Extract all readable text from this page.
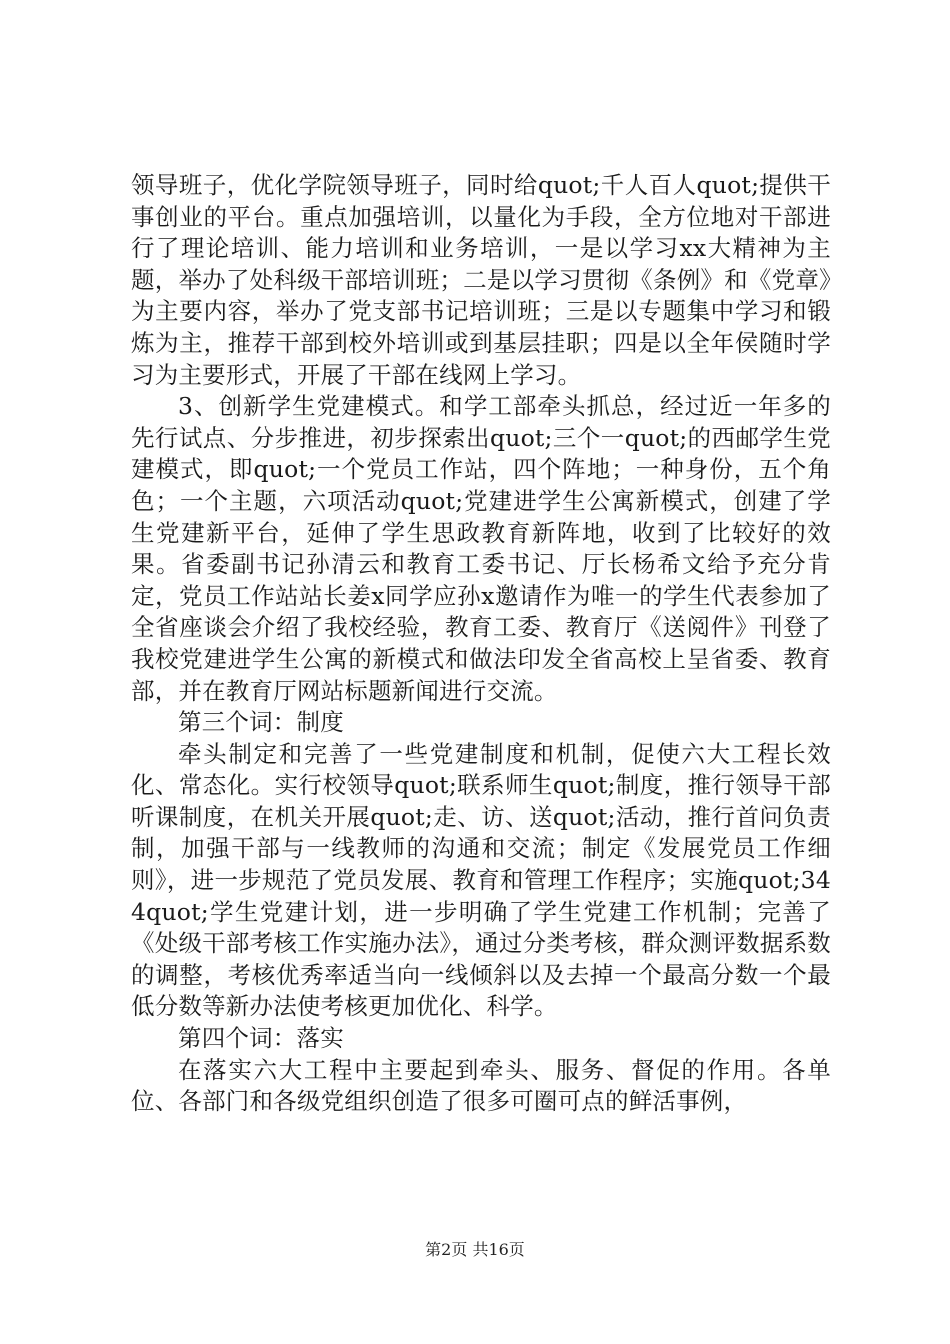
领导班子，优化学院领导班子，同时给quot;千人百人quot;提供干事创业的平台。重点加强培训，以量化为手段，全方位地对干部进行了理论培训、能力培训和业务培训，一是以学习xx大精神为主题，举办了处科级干部培训班；二是以学习贯彻《条例》和《党章》为主要内容，举办了党支部书记培训班；三是以专题集中学习和锻炼为主，推荐干部到校外培训或到基层挂职；四是以全年侯随时学习为主要形式，开展了干部在线网上学习。

3、创新学生党建模式。和学工部牵头抓总，经过近一年多的先行试点、分步推进，初步探索出quot;三个一quot;的西邮学生党建模式，即quot;一个党员工作站，四个阵地；一种身份，五个角色；一个主题，六项活动quot;党建进学生公寓新模式，创建了学生党建新平台，延伸了学生思政教育新阵地，收到了比较好的效果。省委副书记孙清云和教育工委书记、厅长杨希文给予充分肯定，党员工作站站长姜x同学应孙x邀请作为唯一的学生代表参加了全省座谈会介绍了我校经验，教育工委、教育厅《送阅件》刊登了我校党建进学生公寓的新模式和做法印发全省高校上呈省委、教育部，并在教育厅网站标题新闻进行交流。

第三个词：制度

牵头制定和完善了一些党建制度和机制，促使六大工程长效化、常态化。实行校领导quot;联系师生quot;制度，推行领导干部听课制度，在机关开展quot;走、访、送quot;活动，推行首问负责制，加强干部与一线教师的沟通和交流；制定《发展党员工作细则》，进一步规范了党员发展、教育和管理工作程序；实施quot;344quot;学生党建计划，进一步明确了学生党建工作机制；完善了《处级干部考核工作实施办法》，通过分类考核，群众测评数据系数的调整，考核优秀率适当向一线倾斜以及去掉一个最高分数一个最低分数等新办法使考核更加优化、科学。

第四个词：落实

在落实六大工程中主要起到牵头、服务、督促的作用。各单位、各部门和各级党组织创造了很多可圈可点的鲜活事例，

第2页 共16页
